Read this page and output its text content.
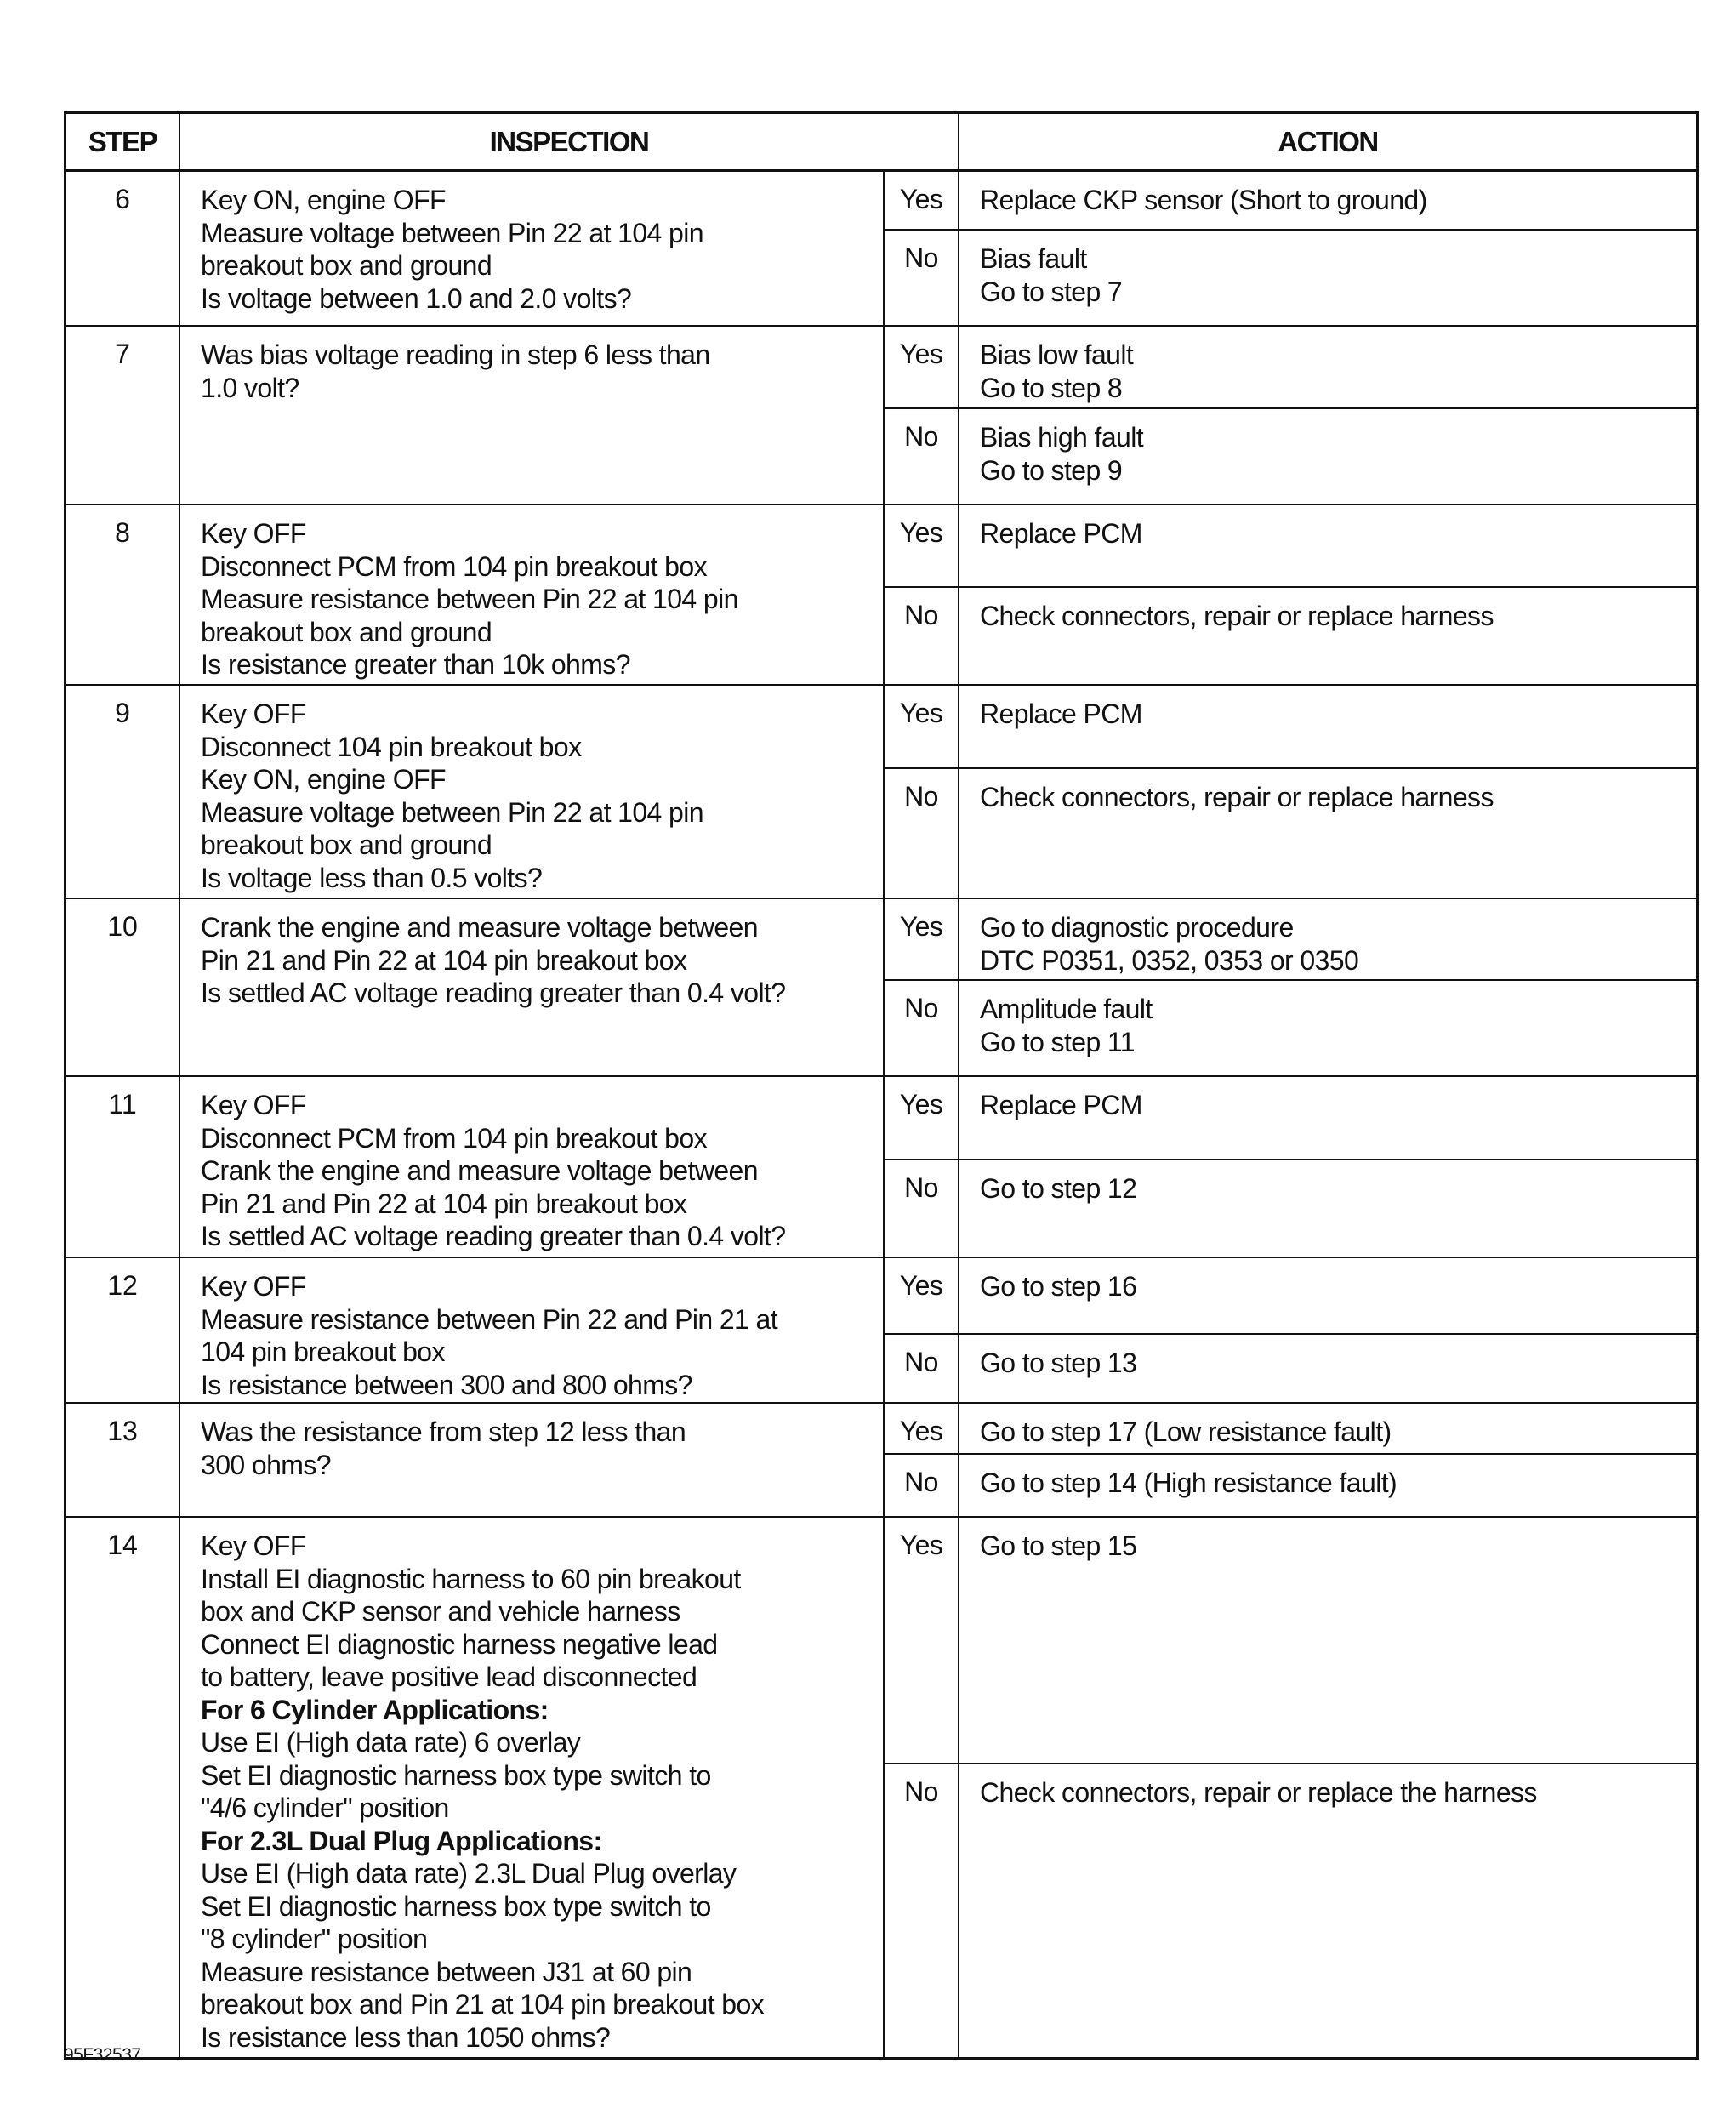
STEP	INSPECTION	ACTION
6	Key ON, engine OFF
Measure voltage between Pin 22 at 104 pin
breakout box and ground
Is voltage between 1.0 and 2.0 volts?
Yes	Replace CKP sensor (Short to ground)
No	Bias fault
Go to step 7
7	Was bias voltage reading in step 6 less than
1.0 volt?
Yes	Bias low fault
Go to step 8
No	Bias high fault
Go to step 9
8	Key OFF
Disconnect PCM from 104 pin breakout box
Measure resistance between Pin 22 at 104 pin
breakout box and ground
Is resistance greater than 10k ohms?
Yes	Replace PCM
No	Check connectors, repair or replace harness
9	Key OFF
Disconnect 104 pin breakout box
Key ON, engine OFF
Measure voltage between Pin 22 at 104 pin
breakout box and ground
Is voltage less than 0.5 volts?
Yes	Replace PCM
No	Check connectors, repair or replace harness
10	Crank the engine and measure voltage between
Pin 21 and Pin 22 at 104 pin breakout box
Is settled AC voltage reading greater than 0.4 volt?
Yes	Go to diagnostic procedure
DTC P0351, 0352, 0353 or 0350
No	Amplitude fault
Go to step 11
11	Key OFF
Disconnect PCM from 104 pin breakout box
Crank the engine and measure voltage between
Pin 21 and Pin 22 at 104 pin breakout box
Is settled AC voltage reading greater than 0.4 volt?
Yes	Replace PCM
No	Go to step 12
12	Key OFF
Measure resistance between Pin 22 and Pin 21 at
104 pin breakout box
Is resistance between 300 and 800 ohms?
Yes	Go to step 16
No	Go to step 13
13	Was the resistance from step 12 less than
300 ohms?
Yes	Go to step 17 (Low resistance fault)
No	Go to step 14 (High resistance fault)
14	Key OFF
Install EI diagnostic harness to 60 pin breakout
box and CKP sensor and vehicle harness
Connect EI diagnostic harness negative lead
to battery, leave positive lead disconnected
For 6 Cylinder Applications:
Use EI (High data rate) 6 overlay
Set EI diagnostic harness box type switch to
"4/6 cylinder" position
For 2.3L Dual Plug Applications:
Use EI (High data rate) 2.3L Dual Plug overlay
Set EI diagnostic harness box type switch to
"8 cylinder" position
Measure resistance between J31 at 60 pin
breakout box and Pin 21 at 104 pin breakout box
Is resistance less than 1050 ohms?
Yes	Go to step 15
No	Check connectors, repair or replace the harness
95F32537
